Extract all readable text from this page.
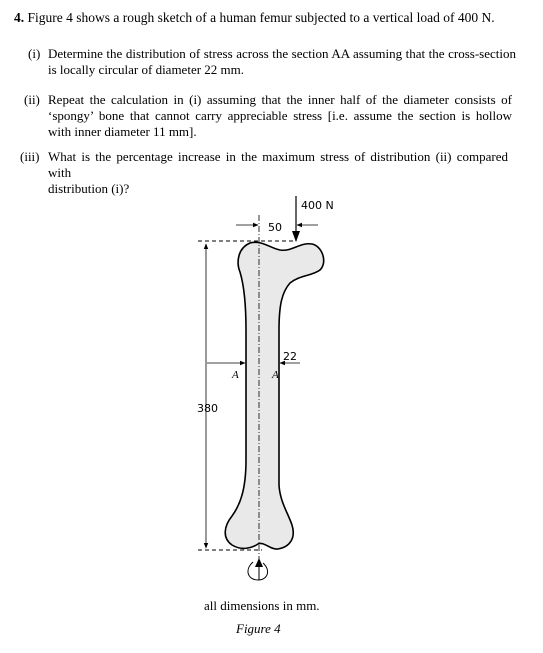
4. Figure 4 shows a rough sketch of a human femur subjected to a vertical load of 400 N.
(i) Determine the distribution of stress across the section AA assuming that the cross-section
is locally circular of diameter 22 mm.
(ii) Repeat the calculation in (i) assuming that the inner half of the diameter consists of
‘spongy’ bone that cannot carry appreciable stress [i.e. assume the section is hollow
with inner diameter 11 mm].
(iii) What is the percentage increase in the maximum stress of distribution (ii) compared with
distribution (i)?
400 N
50
22
380
A	A
all dimensions in mm.
Figure 4
